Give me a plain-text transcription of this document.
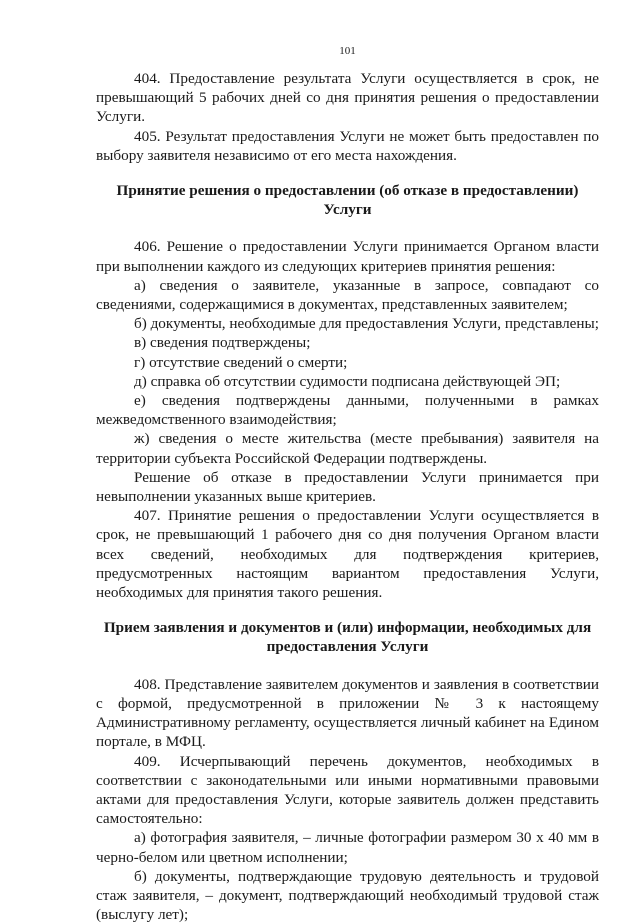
101

404. Предоставление результата Услуги осуществляется в срок, не превышающий 5 рабочих дней со дня принятия решения о предоставлении Услуги.

405. Результат предоставления Услуги не может быть предоставлен по выбору заявителя независимо от его места нахождения.

Принятие решения о предоставлении (об отказе в предоставлении) Услуги

406. Решение о предоставлении Услуги принимается Органом власти при выполнении каждого из следующих критериев принятия решения:

а) сведения о заявителе, указанные в запросе, совпадают со сведениями, содержащимися в документах, представленных заявителем;

б) документы, необходимые для предоставления Услуги, представлены;

в) сведения подтверждены;

г) отсутствие сведений о смерти;

д) справка об отсутствии судимости подписана действующей ЭП;

е) сведения подтверждены данными, полученными в рамках межведомственного взаимодействия;

ж) сведения о месте жительства (месте пребывания) заявителя на территории субъекта Российской Федерации подтверждены.

Решение об отказе в предоставлении Услуги принимается при невыполнении указанных выше критериев.

407. Принятие решения о предоставлении Услуги осуществляется в срок, не превышающий 1 рабочего дня со дня получения Органом власти всех сведений, необходимых для подтверждения критериев, предусмотренных настоящим вариантом предоставления Услуги, необходимых для принятия такого решения.

Прием заявления и документов и (или) информации, необходимых для предоставления Услуги

408. Представление заявителем документов и заявления в соответствии с формой, предусмотренной в приложении № 3 к настоящему Административному регламенту, осуществляется личный кабинет на Едином портале, в МФЦ.

409. Исчерпывающий перечень документов, необходимых в соответствии с законодательными или иными нормативными правовыми актами для предоставления Услуги, которые заявитель должен представить самостоятельно:

а) фотография заявителя, – личные фотографии размером 30 x 40 мм в черно-белом или цветном исполнении;

б) документы, подтверждающие трудовую деятельность и трудовой стаж заявителя, – документ, подтверждающий необходимый трудовой стаж (выслугу лет);
